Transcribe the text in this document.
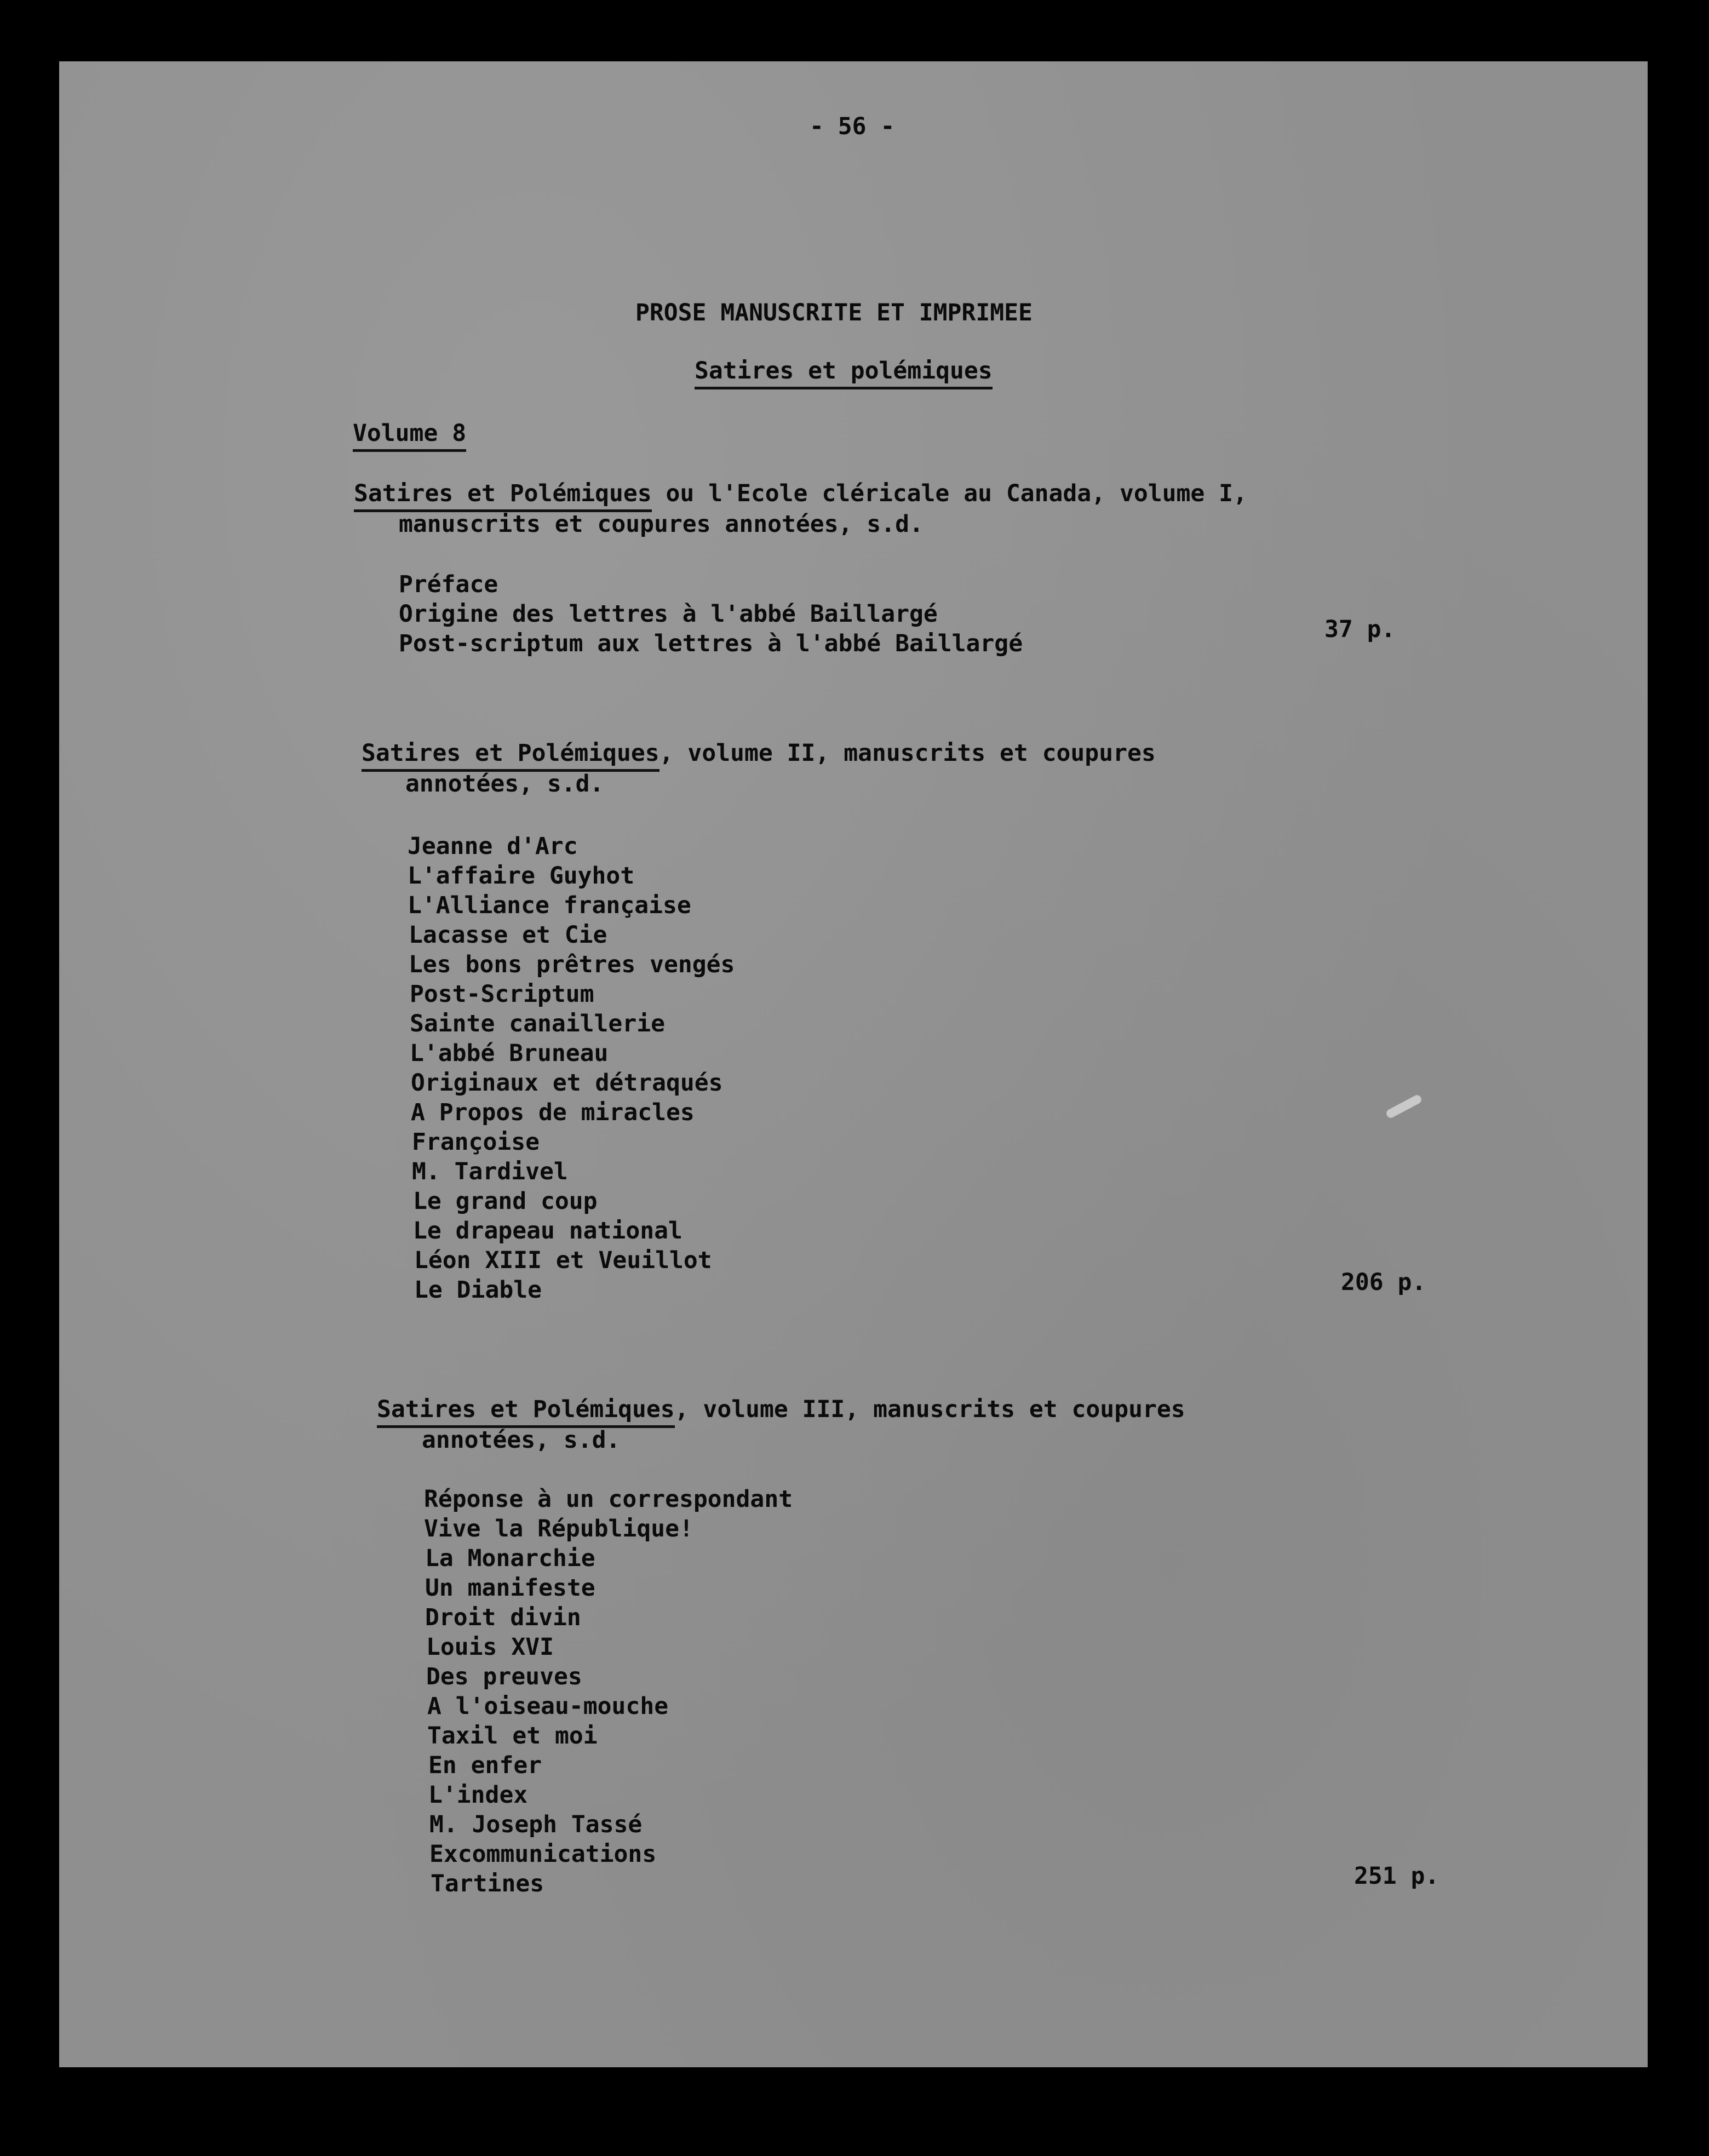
- 56 -
PROSE MANUSCRITE ET IMPRIMEE
Satires et polémiques
Volume 8
Satires et Polémiques ou l'Ecole cléricale au Canada, volume I,
manuscrits et coupures annotées, s.d.
Préface
Origine des lettres à l'abbé Baillargé
Post-scriptum aux lettres à l'abbé Baillargé
37 p.
Satires et Polémiques, volume II, manuscrits et coupures
annotées, s.d.
Jeanne d'Arc
L'affaire Guyhot
L'Alliance française
Lacasse et Cie
Les bons prêtres vengés
Post-Scriptum
Sainte canaillerie
L'abbé Bruneau
Originaux et détraqués
A Propos de miracles
Françoise
M. Tardivel
Le grand coup
Le drapeau national
Léon XIII et Veuillot
Le Diable	206 p.
Satires et Polémiques, volume III, manuscrits et coupures
annotées, s.d.
Réponse à un correspondant
Vive la République!
La Monarchie
Un manifeste
Droit divin
Louis XVI
Des preuves
A l'oiseau-mouche
Taxil et moi
En enfer
L'index
M. Joseph Tassé
Excommunications
Tartines	251 p.
